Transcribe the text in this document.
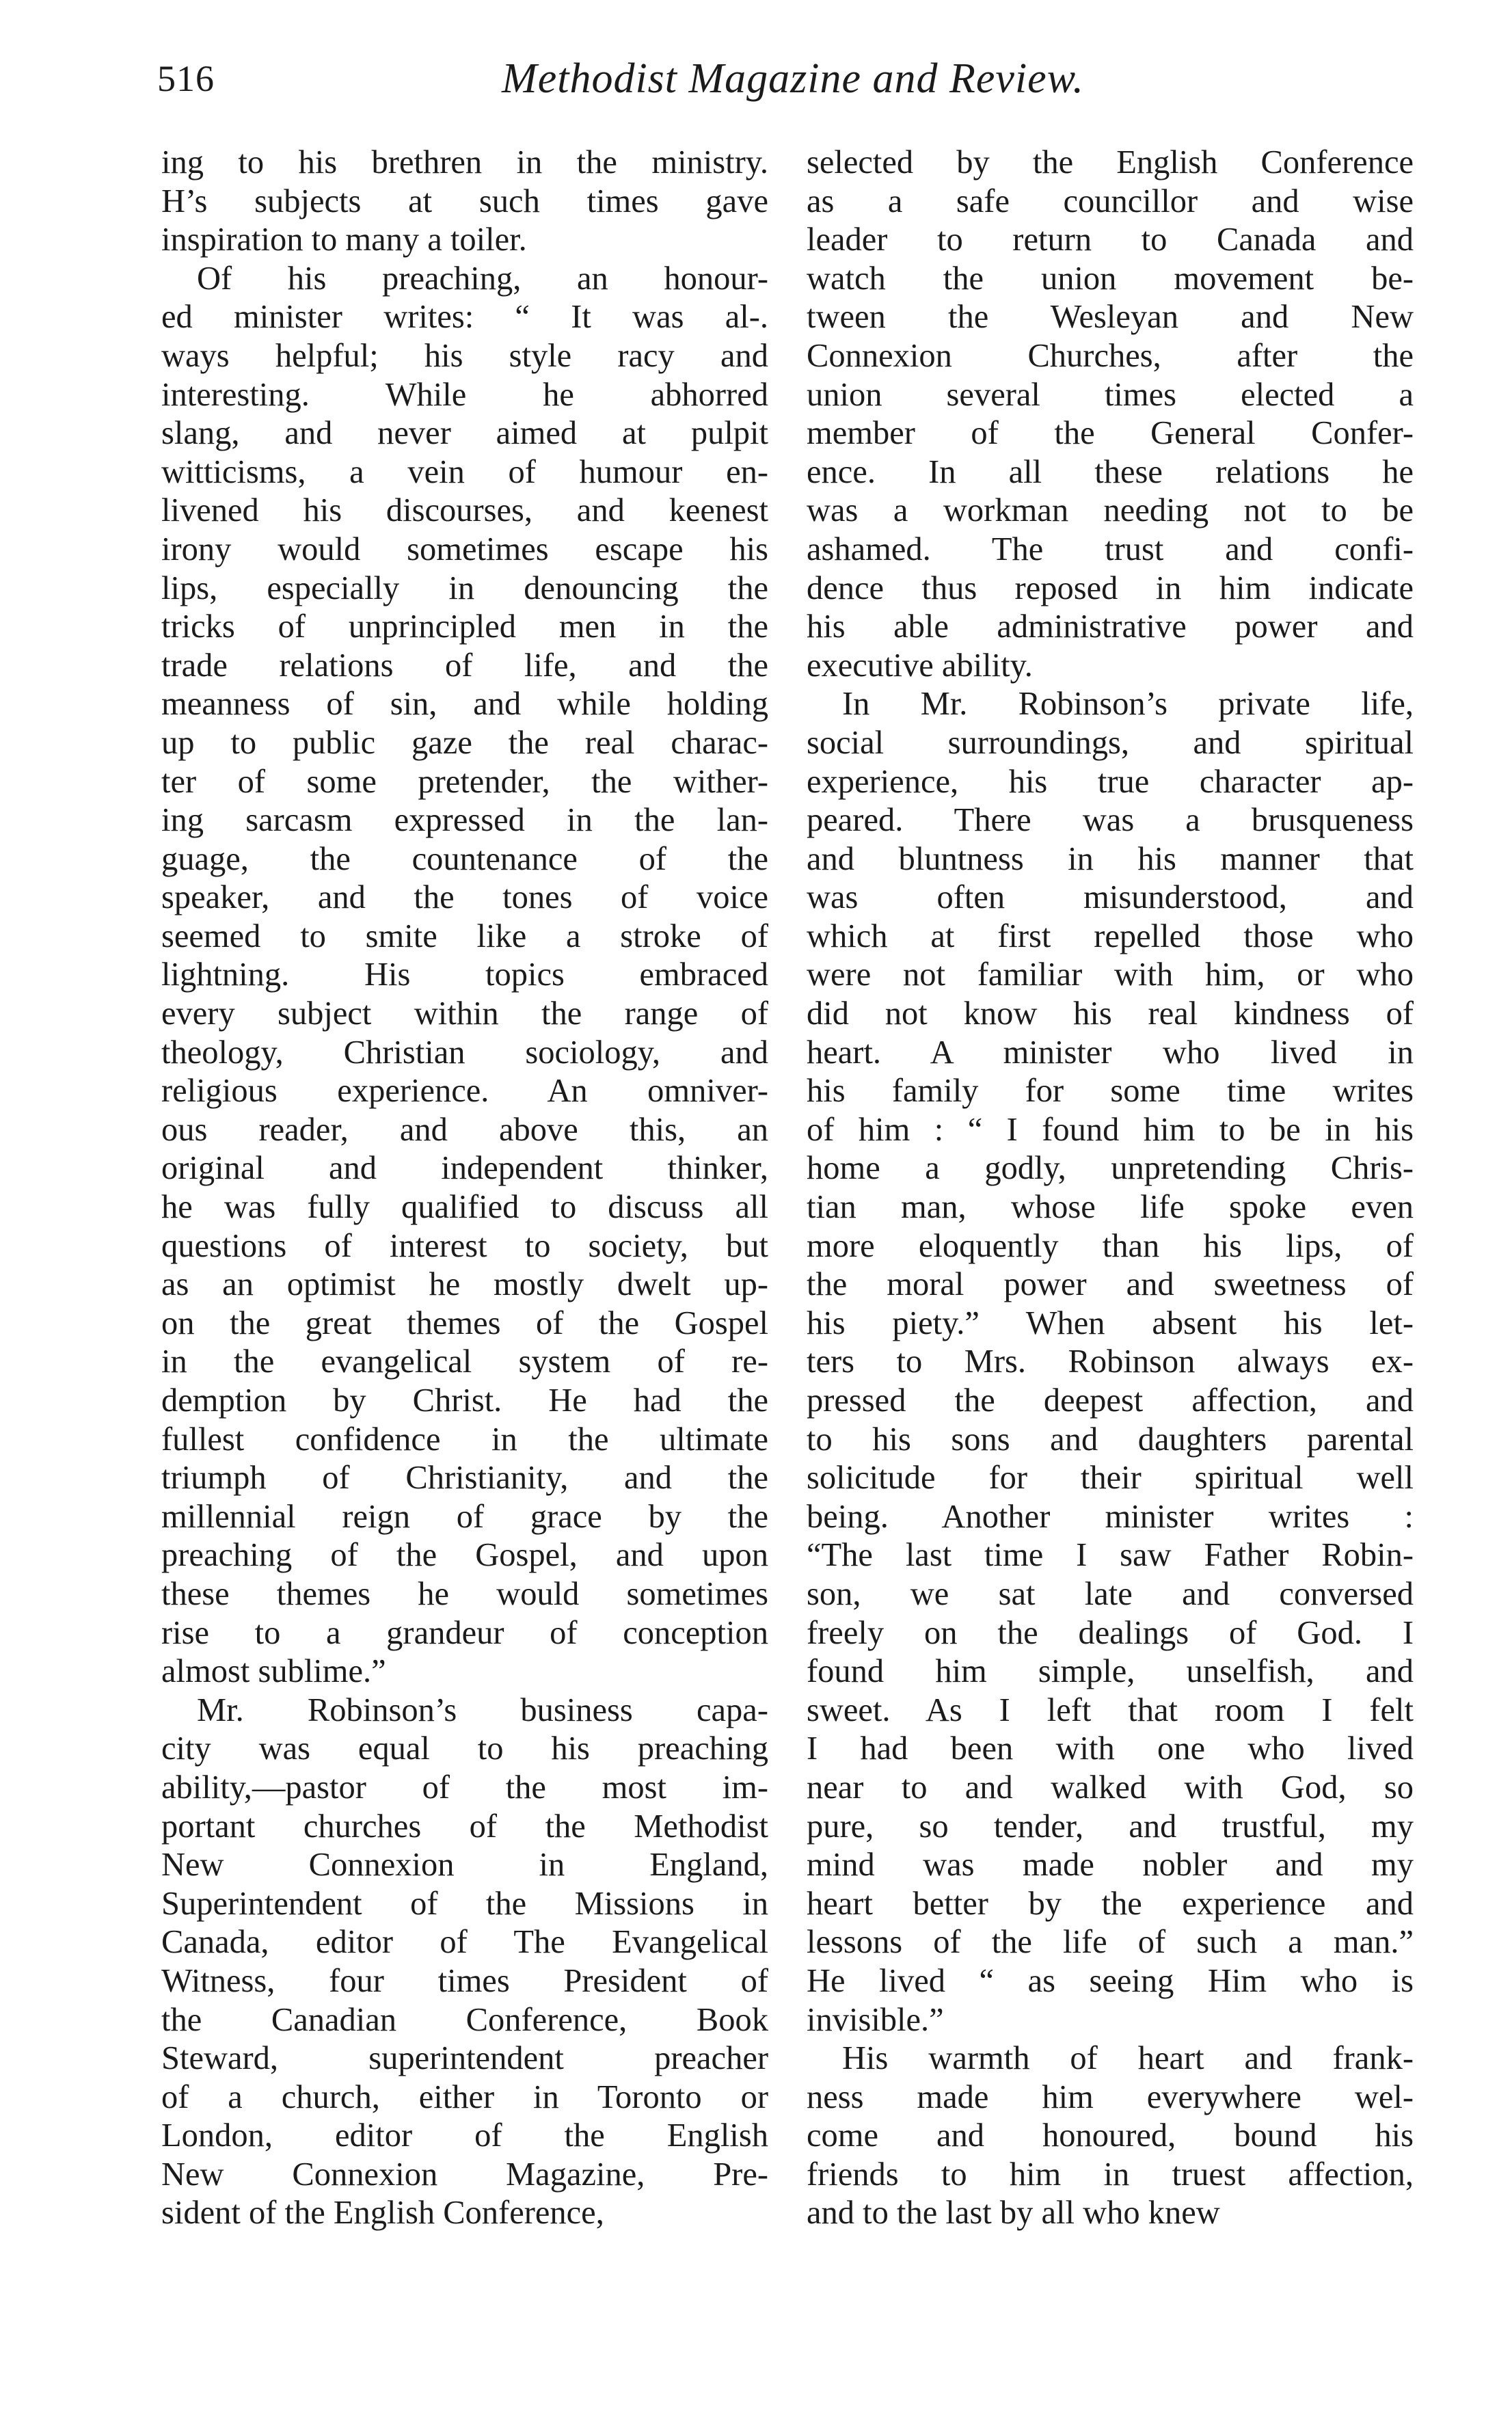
516	Methodist Magazine and Review.
ing to his brethren in the ministry.
H’s subjects at such times gave
inspiration to many a toiler.
Of his preaching, an honour-
ed minister writes: “ It was al-.
ways helpful; his style racy and
interesting. While he abhorred
slang, and never aimed at pulpit
witticisms, a vein of humour en-
livened his discourses, and keenest
irony would sometimes escape his
lips, especially in denouncing the
tricks of unprincipled men in the
trade relations of life, and the
meanness of sin, and while holding
up to public gaze the real charac-
ter of some pretender, the wither-
ing sarcasm expressed in the lan-
guage, the countenance of the
speaker, and the tones of voice
seemed to smite like a stroke of
lightning. His topics embraced
every subject within the range of
theology, Christian sociology, and
religious experience. An omniver-
ous reader, and above this, an
original and independent thinker,
he was fully qualified to discuss all
questions of interest to society, but
as an optimist he mostly dwelt up-
on the great themes of the Gospel
in the evangelical system of re-
demption by Christ. He had the
fullest confidence in the ultimate
triumph of Christianity, and the
millennial reign of grace by the
preaching of the Gospel, and upon
these themes he would sometimes
rise to a grandeur of conception
almost sublime.”
Mr. Robinson’s business capa-
city was equal to his preaching
ability,—pastor of the most im-
portant churches of the Methodist
New Connexion in England,
Superintendent of the Missions in
Canada, editor of The Evangelical
Witness, four times President of
the Canadian Conference, Book
Steward, superintendent preacher
of a church, either in Toronto or
London, editor of the English
New Connexion Magazine, Pre-
sident of the English Conference,
selected by the English Conference
as a safe councillor and wise
leader to return to Canada and
watch the union movement be-
tween the Wesleyan and New
Connexion Churches, after the
union several times elected a
member of the General Confer-
ence. In all these relations he
was a workman needing not to be
ashamed. The trust and confi-
dence thus reposed in him indicate
his able administrative power and
executive ability.
In Mr. Robinson’s private life,
social surroundings, and spiritual
experience, his true character ap-
peared. There was a brusqueness
and bluntness in his manner that
was often misunderstood, and
which at first repelled those who
were not familiar with him, or who
did not know his real kindness of
heart. A minister who lived in
his family for some time writes
of him : “ I found him to be in his
home a godly, unpretending Chris-
tian man, whose life spoke even
more eloquently than his lips, of
the moral power and sweetness of
his piety.” When absent his let-
ters to Mrs. Robinson always ex-
pressed the deepest affection, and
to his sons and daughters parental
solicitude for their spiritual well
being. Another minister writes :
“The last time I saw Father Robin-
son, we sat late and conversed
freely on the dealings of God. I
found him simple, unselfish, and
sweet. As I left that room I felt
I had been with one who lived
near to and walked with God, so
pure, so tender, and trustful, my
mind was made nobler and my
heart better by the experience and
lessons of the life of such a man.”
He lived “ as seeing Him who is
invisible.”
His warmth of heart and frank-
ness made him everywhere wel-
come and honoured, bound his
friends to him in truest affection,
and to the last by all who knew
